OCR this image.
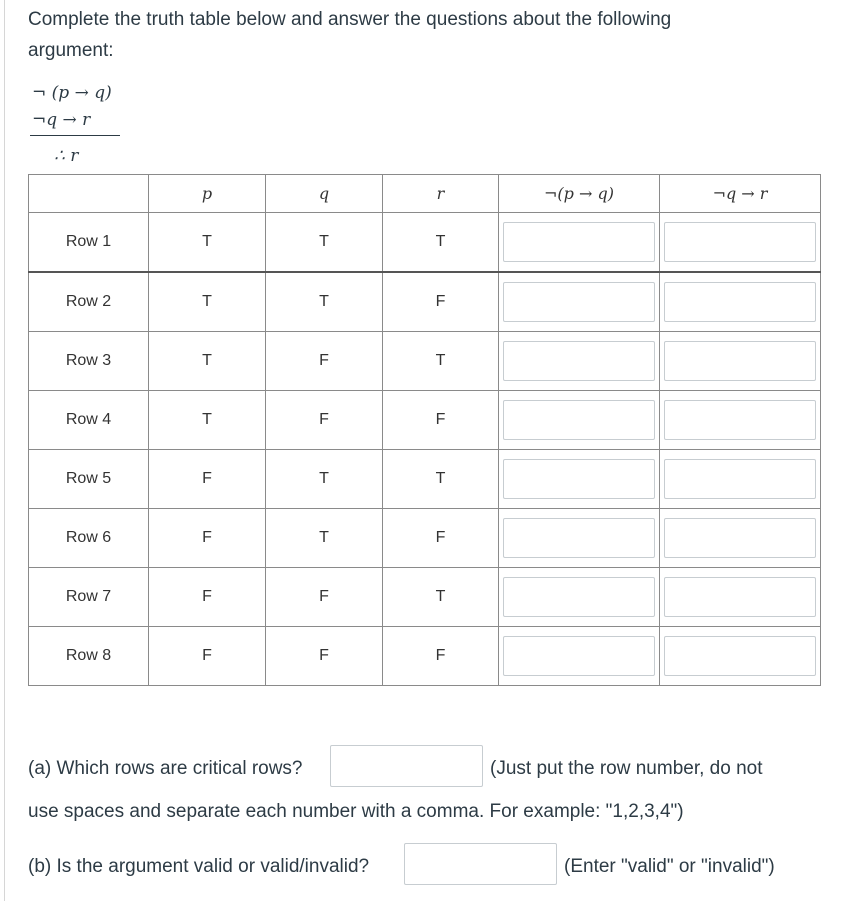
Complete the truth table below and answer the questions about the following
argument:
¬ (p → q)
¬q → r
∴ r
	p	q	r	¬(p → q)	¬q → r
Row 1	T	T	T	

Row 2	T	T	F	

Row 3	T	F	T	

Row 4	T	F	F	

Row 5	F	T	T	

Row 6	F	T	F	

Row 7	F	F	T	

Row 8	F	F	F	

(a) Which rows are critical rows?	(Just put the row number, do not
use spaces and separate each number with a comma. For example: "1,2,3,4")
(b) Is the argument valid or valid/invalid?	(Enter "valid" or "invalid")
